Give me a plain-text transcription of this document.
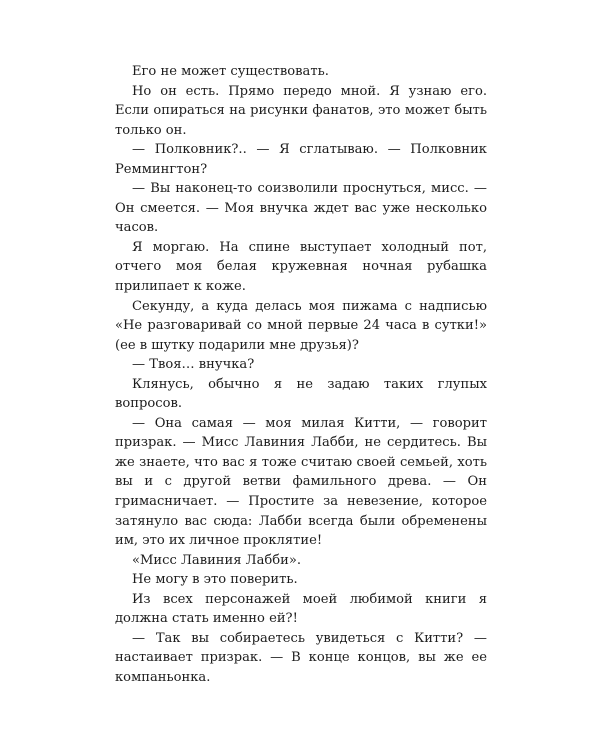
Его не может существовать.

Но он есть. Прямо передо мной. Я узнаю его. Если опираться на рисунки фанатов, это может быть только он.

— Полковник?.. — Я сглатываю. — Полковник Реммингтон?

— Вы наконец-то соизволили проснуться, мисс. — Он смеется. — Моя внучка ждет вас уже несколько часов.

Я моргаю. На спине выступает холодный пот, отчего моя белая кружевная ночная рубашка прилипает к коже.

Секунду, а куда делась моя пижама с надписью «Не разговаривай со мной первые 24 часа в сутки!» (ее в шутку подарили мне друзья)?

— Твоя… внучка?

Клянусь, обычно я не задаю таких глупых вопросов.

— Она самая — моя милая Китти, — говорит призрак. — Мисс Лавиния Лабби, не сердитесь. Вы же знаете, что вас я тоже считаю своей семьей, хоть вы и с другой ветви фамильного древа. — Он гримасничает. — Простите за невезение, которое затянуло вас сюда: Лабби всегда были обременены им, это их личное проклятие!

«Мисс Лавиния Лабби».

Не могу в это поверить.

Из всех персонажей моей любимой книги я должна стать именно ей?!

— Так вы собираетесь увидеться с Китти? — настаивает призрак. — В конце концов, вы же ее компаньонка.
